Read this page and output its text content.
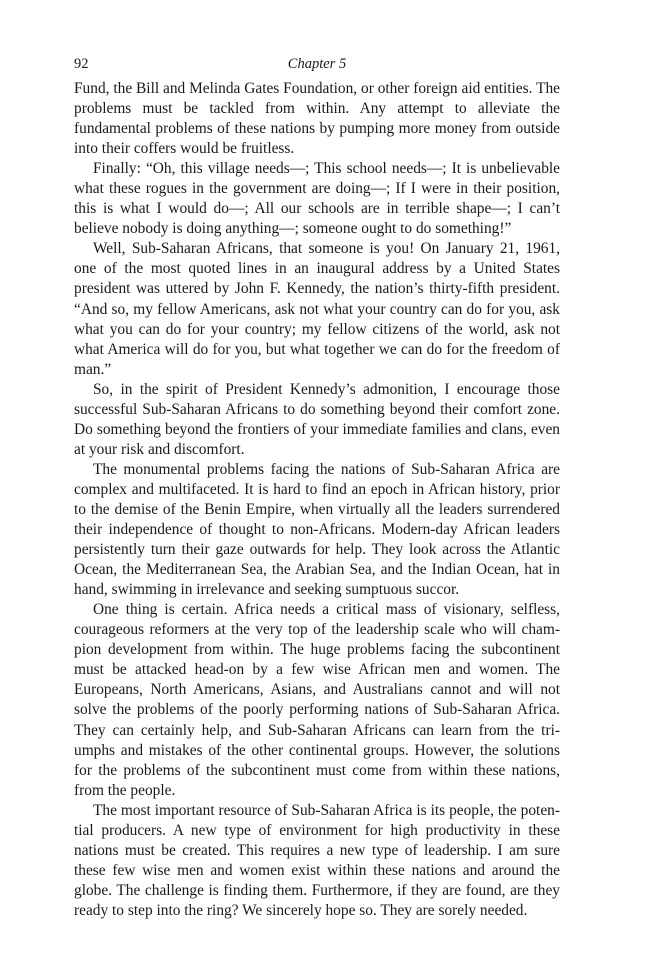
92	Chapter 5

Fund, the Bill and Melinda Gates Foundation, or other foreign aid entities. The problems must be tackled from within. Any attempt to alleviate the fundamental problems of these nations by pumping more money from outside into their coffers would be fruitless.

Finally: “Oh, this village needs—; This school needs—; It is unbelievable what these rogues in the government are doing—; If I were in their position, this is what I would do—; All our schools are in terrible shape—; I can’t believe nobody is doing anything—; someone ought to do something!”

Well, Sub-Saharan Africans, that someone is you! On January 21, 1961, one of the most quoted lines in an inaugural address by a United States president was uttered by John F. Kennedy, the nation’s thirty-fifth president. “And so, my fellow Americans, ask not what your country can do for you, ask what you can do for your country; my fellow citizens of the world, ask not what America will do for you, but what together we can do for the freedom of man.”

So, in the spirit of President Kennedy’s admonition, I encourage those successful Sub-Saharan Africans to do something beyond their comfort zone. Do something beyond the frontiers of your immediate families and clans, even at your risk and discomfort.

The monumental problems facing the nations of Sub-Saharan Africa are complex and multifaceted. It is hard to find an epoch in African history, prior to the demise of the Benin Empire, when virtually all the leaders surrendered their independence of thought to non-Africans. Modern-day African leaders persistently turn their gaze outwards for help. They look across the Atlantic Ocean, the Mediterranean Sea, the Arabian Sea, and the Indian Ocean, hat in hand, swimming in irrelevance and seeking sumptuous succor.

One thing is certain. Africa needs a critical mass of visionary, selfless, courageous reformers at the very top of the leadership scale who will champion development from within. The huge problems facing the subcontinent must be attacked head-on by a few wise African men and women. The Europeans, North Americans, Asians, and Australians cannot and will not solve the problems of the poorly performing nations of Sub-Saharan Africa. They can certainly help, and Sub-Saharan Africans can learn from the triumphs and mistakes of the other continental groups. However, the solutions for the problems of the subcontinent must come from within these nations, from the people.

The most important resource of Sub-Saharan Africa is its people, the potential producers. A new type of environment for high productivity in these nations must be created. This requires a new type of leadership. I am sure these few wise men and women exist within these nations and around the globe. The challenge is finding them. Furthermore, if they are found, are they ready to step into the ring? We sincerely hope so. They are sorely needed.
